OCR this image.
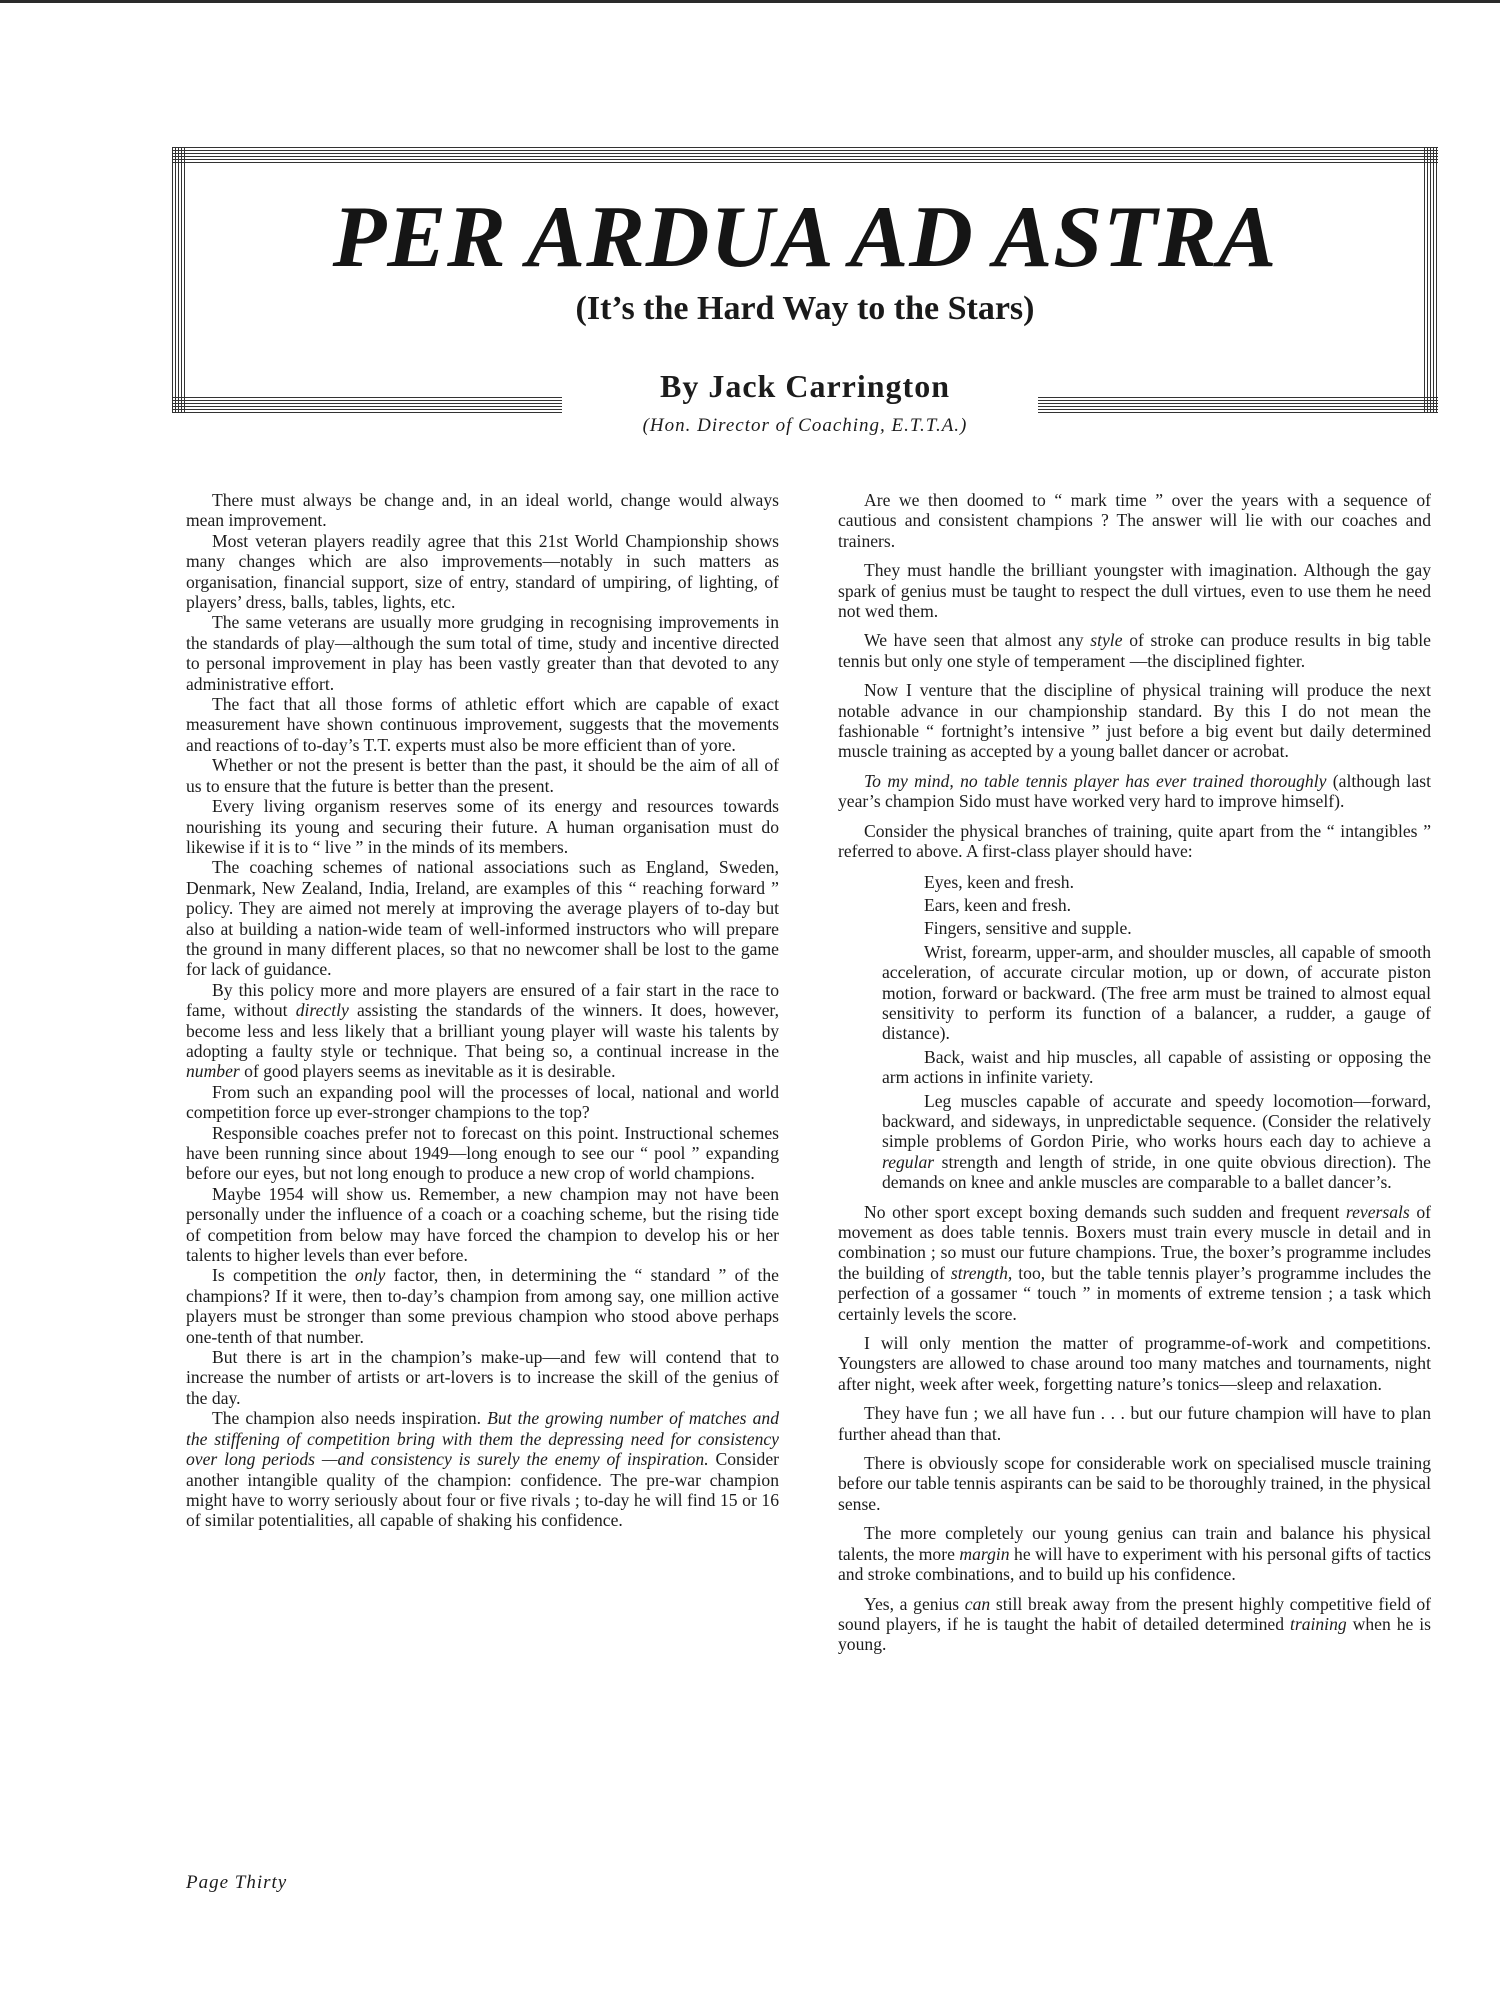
PER ARDUA AD ASTRA
(It’s the Hard Way to the Stars)
By Jack Carrington
(Hon. Director of Coaching, E.T.T.A.)

There must always be change and, in an ideal world, change would always mean improvement.

Most veteran players readily agree that this 21st World Championship shows many changes which are also improvements—notably in such matters as organisation, financial support, size of entry, standard of umpiring, of lighting, of players’ dress, balls, tables, lights, etc.

The same veterans are usually more grudging in recognising improvements in the standards of play—although the sum total of time, study and incentive directed to personal improvement in play has been vastly greater than that devoted to any administrative effort.

The fact that all those forms of athletic effort which are capable of exact measurement have shown continuous improvement, suggests that the movements and reactions of to-day’s T.T. experts must also be more efficient than of yore.

Whether or not the present is better than the past, it should be the aim of all of us to ensure that the future is better than the present.

Every living organism reserves some of its energy and resources towards nourishing its young and securing their future. A human organisation must do likewise if it is to “ live ” in the minds of its members.

The coaching schemes of national associations such as England, Sweden, Denmark, New Zealand, India, Ireland, are examples of this “ reaching forward ” policy. They are aimed not merely at improving the average players of to-day but also at building a nation-wide team of well-informed instructors who will prepare the ground in many different places, so that no newcomer shall be lost to the game for lack of guidance.

By this policy more and more players are ensured of a fair start in the race to fame, without directly assisting the standards of the winners. It does, however, become less and less likely that a brilliant young player will waste his talents by adopting a faulty style or technique. That being so, a continual increase in the number of good players seems as inevitable as it is desirable.

From such an expanding pool will the processes of local, national and world competition force up ever-stronger champions to the top?

Responsible coaches prefer not to forecast on this point. Instructional schemes have been running since about 1949—long enough to see our “ pool ” expanding before our eyes, but not long enough to produce a new crop of world champions.

Maybe 1954 will show us. Remember, a new champion may not have been personally under the influence of a coach or a coaching scheme, but the rising tide of competition from below may have forced the champion to develop his or her talents to higher levels than ever before.

Is competition the only factor, then, in determining the “ standard ” of the champions? If it were, then to-day’s champion from among say, one million active players must be stronger than some previous champion who stood above perhaps one-tenth of that number.

But there is art in the champion’s make-up—and few will contend that to increase the number of artists or art-lovers is to increase the skill of the genius of the day.

The champion also needs inspiration. But the growing number of matches and the stiffening of competition bring with them the depressing need for consistency over long periods —and consistency is surely the enemy of inspiration. Consider another intangible quality of the champion: confidence. The pre-war champion might have to worry seriously about four or five rivals ; to-day he will find 15 or 16 of similar potentialities, all capable of shaking his confidence.

Are we then doomed to “ mark time ” over the years with a sequence of cautious and consistent champions ? The answer will lie with our coaches and trainers.

They must handle the brilliant youngster with imagination. Although the gay spark of genius must be taught to respect the dull virtues, even to use them he need not wed them.

We have seen that almost any style of stroke can produce results in big table tennis but only one style of temperament —the disciplined fighter.

Now I venture that the discipline of physical training will produce the next notable advance in our championship standard. By this I do not mean the fashionable “ fortnight’s intensive ” just before a big event but daily determined muscle training as accepted by a young ballet dancer or acrobat.

To my mind, no table tennis player has ever trained thoroughly (although last year’s champion Sido must have worked very hard to improve himself).

Consider the physical branches of training, quite apart from the “ intangibles ” referred to above. A first-class player should have:

Eyes, keen and fresh.

Ears, keen and fresh.

Fingers, sensitive and supple.

Wrist, forearm, upper-arm, and shoulder muscles, all capable of smooth acceleration, of accurate circular motion, up or down, of accurate piston motion, forward or backward. (The free arm must be trained to almost equal sensitivity to perform its function of a balancer, a rudder, a gauge of distance).

Back, waist and hip muscles, all capable of assisting or opposing the arm actions in infinite variety.

Leg muscles capable of accurate and speedy locomotion—forward, backward, and sideways, in unpredictable sequence. (Consider the relatively simple problems of Gordon Pirie, who works hours each day to achieve a regular strength and length of stride, in one quite obvious direction). The demands on knee and ankle muscles are comparable to a ballet dancer’s.

No other sport except boxing demands such sudden and frequent reversals of movement as does table tennis. Boxers must train every muscle in detail and in combination ; so must our future champions. True, the boxer’s programme includes the building of strength, too, but the table tennis player’s programme includes the perfection of a gossamer “ touch ” in moments of extreme tension ; a task which certainly levels the score.

I will only mention the matter of programme-of-work and competitions. Youngsters are allowed to chase around too many matches and tournaments, night after night, week after week, forgetting nature’s tonics—sleep and relaxation.

They have fun ; we all have fun . . . but our future champion will have to plan further ahead than that.

There is obviously scope for considerable work on specialised muscle training before our table tennis aspirants can be said to be thoroughly trained, in the physical sense.

The more completely our young genius can train and balance his physical talents, the more margin he will have to experiment with his personal gifts of tactics and stroke combinations, and to build up his confidence.

Yes, a genius can still break away from the present highly competitive field of sound players, if he is taught the habit of detailed determined training when he is young.

Page Thirty
